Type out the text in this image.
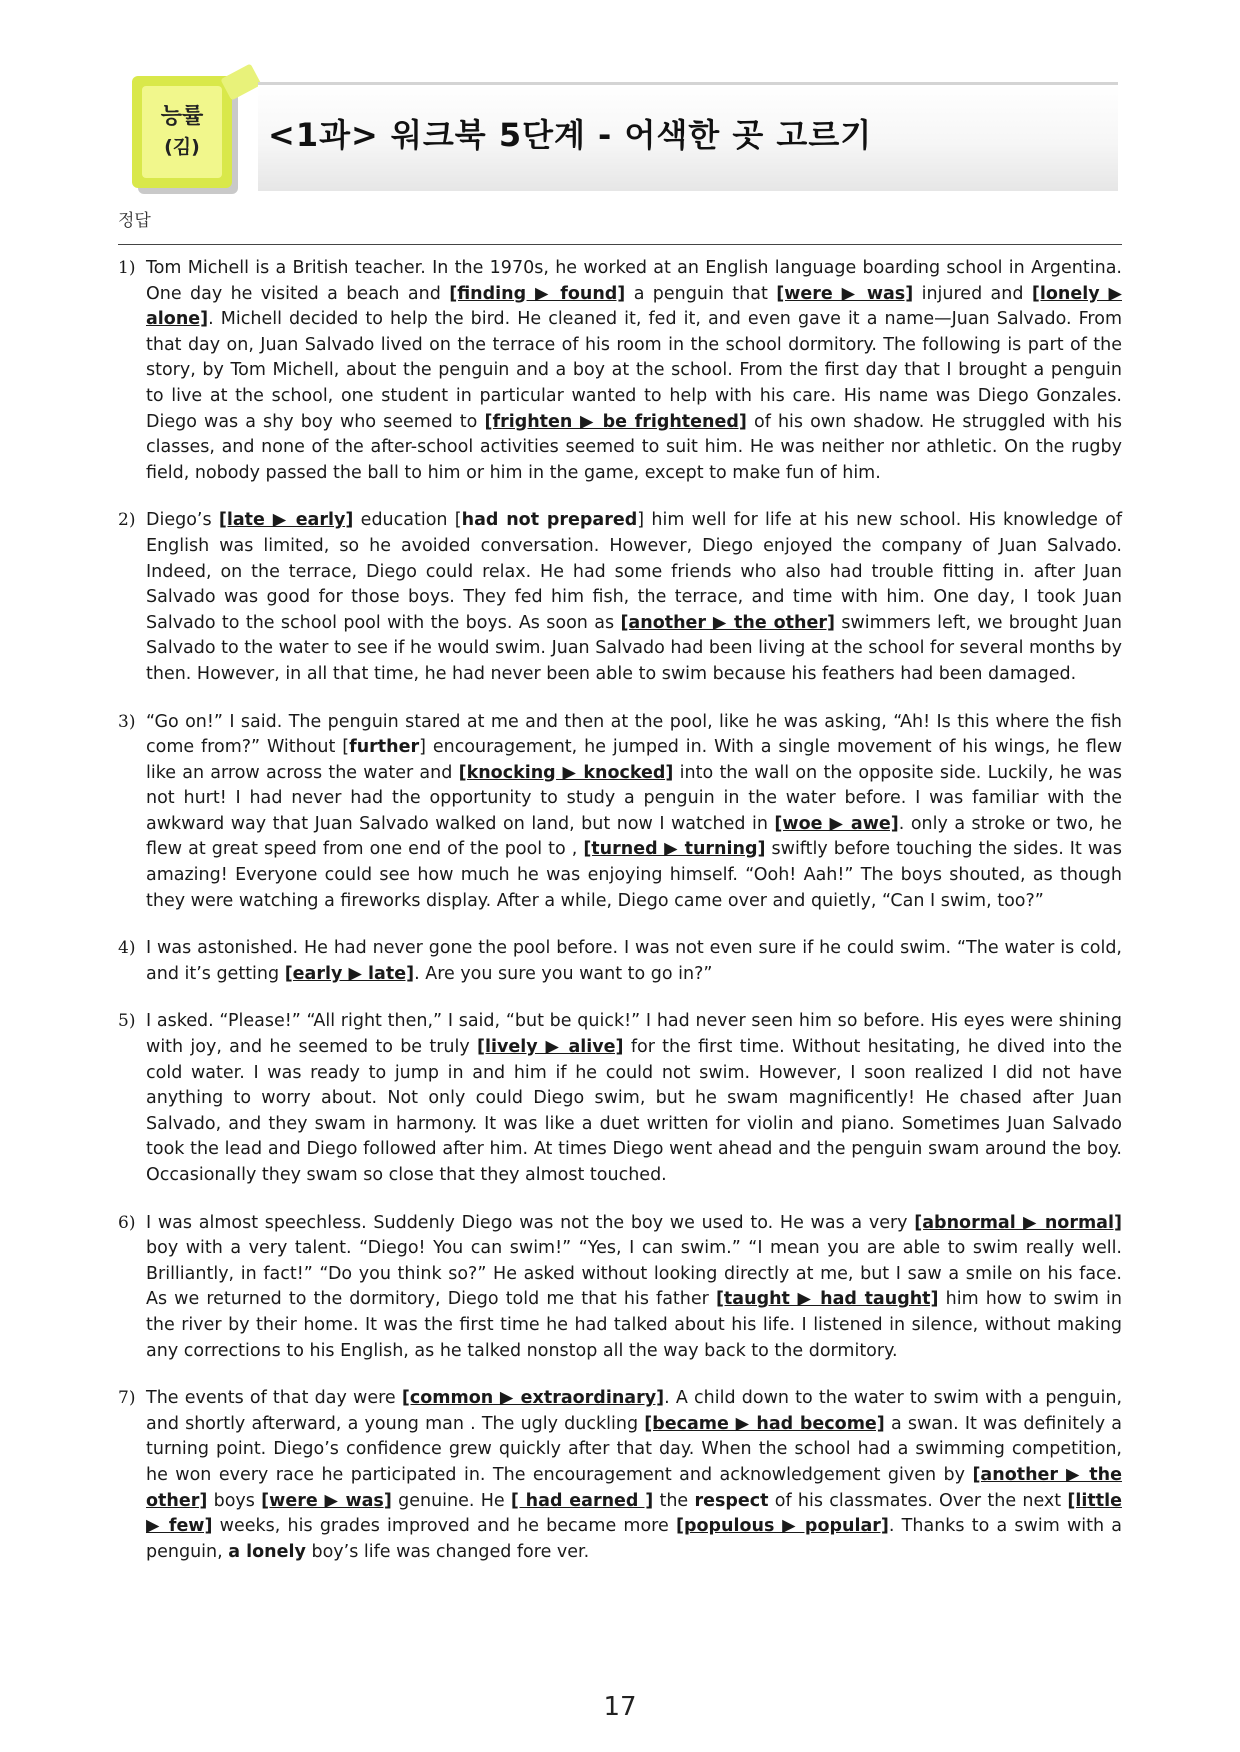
능률
(김) <1과> 워크북 5단계 - 어색한 곳 고르기
정답
1) Tom Michell is a British teacher. In the 1970s, he worked at an English language boarding school in Argentina. One day he visited a beach and [finding ▶ found] a penguin that [were ▶ was] injured and [lonely ▶ alone]. Michell decided to help the bird. He cleaned it, fed it, and even gave it a name—Juan Salvado. From that day on, Juan Salvado lived on the terrace of his room in the school dormitory. The following is part of the story, by Tom Michell, about the penguin and a boy at the school. From the first day that I brought a penguin to live at the school, one student in particular wanted to help with his care. His name was Diego Gonzales. Diego was a shy boy who seemed to [frighten ▶ be frightened] of his own shadow. He struggled with his classes, and none of the after-school activities seemed to suit him. He was neither nor athletic. On the rugby field, nobody passed the ball to him or him in the game, except to make fun of him.
2) Diego’s [late ▶ early] education [had not prepared] him well for life at his new school. His knowledge of English was limited, so he avoided conversation. However, Diego enjoyed the company of Juan Salvado. Indeed, on the terrace, Diego could relax. He had some friends who also had trouble fitting in. after Juan Salvado was good for those boys. They fed him fish, the terrace, and time with him. One day, I took Juan Salvado to the school pool with the boys. As soon as [another ▶ the other] swimmers left, we brought Juan Salvado to the water to see if he would swim. Juan Salvado had been living at the school for several months by then. However, in all that time, he had never been able to swim because his feathers had been damaged.
3) “Go on!” I said. The penguin stared at me and then at the pool, like he was asking, “Ah! Is this where the fish come from?” Without [further] encouragement, he jumped in. With a single movement of his wings, he flew like an arrow across the water and [knocking ▶ knocked] into the wall on the opposite side. Luckily, he was not hurt! I had never had the opportunity to study a penguin in the water before. I was familiar with the awkward way that Juan Salvado walked on land, but now I watched in [woe ▶ awe]. only a stroke or two, he flew at great speed from one end of the pool to , [turned ▶ turning] swiftly before touching the sides. It was amazing! Everyone could see how much he was enjoying himself. “Ooh! Aah!” The boys shouted, as though they were watching a fireworks display. After a while, Diego came over and quietly, “Can I swim, too?”
4) I was astonished. He had never gone the pool before. I was not even sure if he could swim. “The water is cold, and it’s getting [early ▶ late]. Are you sure you want to go in?”
5) I asked. “Please!” “All right then,” I said, “but be quick!” I had never seen him so before. His eyes were shining with joy, and he seemed to be truly [lively ▶ alive] for the first time. Without hesitating, he dived into the cold water. I was ready to jump in and him if he could not swim. However, I soon realized I did not have anything to worry about. Not only could Diego swim, but he swam magnificently! He chased after Juan Salvado, and they swam in harmony. It was like a duet written for violin and piano. Sometimes Juan Salvado took the lead and Diego followed after him. At times Diego went ahead and the penguin swam around the boy. Occasionally they swam so close that they almost touched.
6) I was almost speechless. Suddenly Diego was not the boy we used to. He was a very [abnormal ▶ normal] boy with a very talent. “Diego! You can swim!” “Yes, I can swim.” “I mean you are able to swim really well. Brilliantly, in fact!” “Do you think so?” He asked without looking directly at me, but I saw a smile on his face. As we returned to the dormitory, Diego told me that his father [taught ▶ had taught] him how to swim in the river by their home. It was the first time he had talked about his life. I listened in silence, without making any corrections to his English, as he talked nonstop all the way back to the dormitory.
7) The events of that day were [common ▶ extraordinary]. A child down to the water to swim with a penguin, and shortly afterward, a young man . The ugly duckling [became ▶ had become] a swan. It was definitely a turning point. Diego’s confidence grew quickly after that day. When the school had a swimming competition, he won every race he participated in. The encouragement and acknowledgement given by [another ▶ the other] boys [were ▶ was] genuine. He [ had earned ] the respect of his classmates. Over the next [little ▶ few] weeks, his grades improved and he became more [populous ▶ popular]. Thanks to a swim with a penguin, a lonely boy’s life was changed fore ver.
17
